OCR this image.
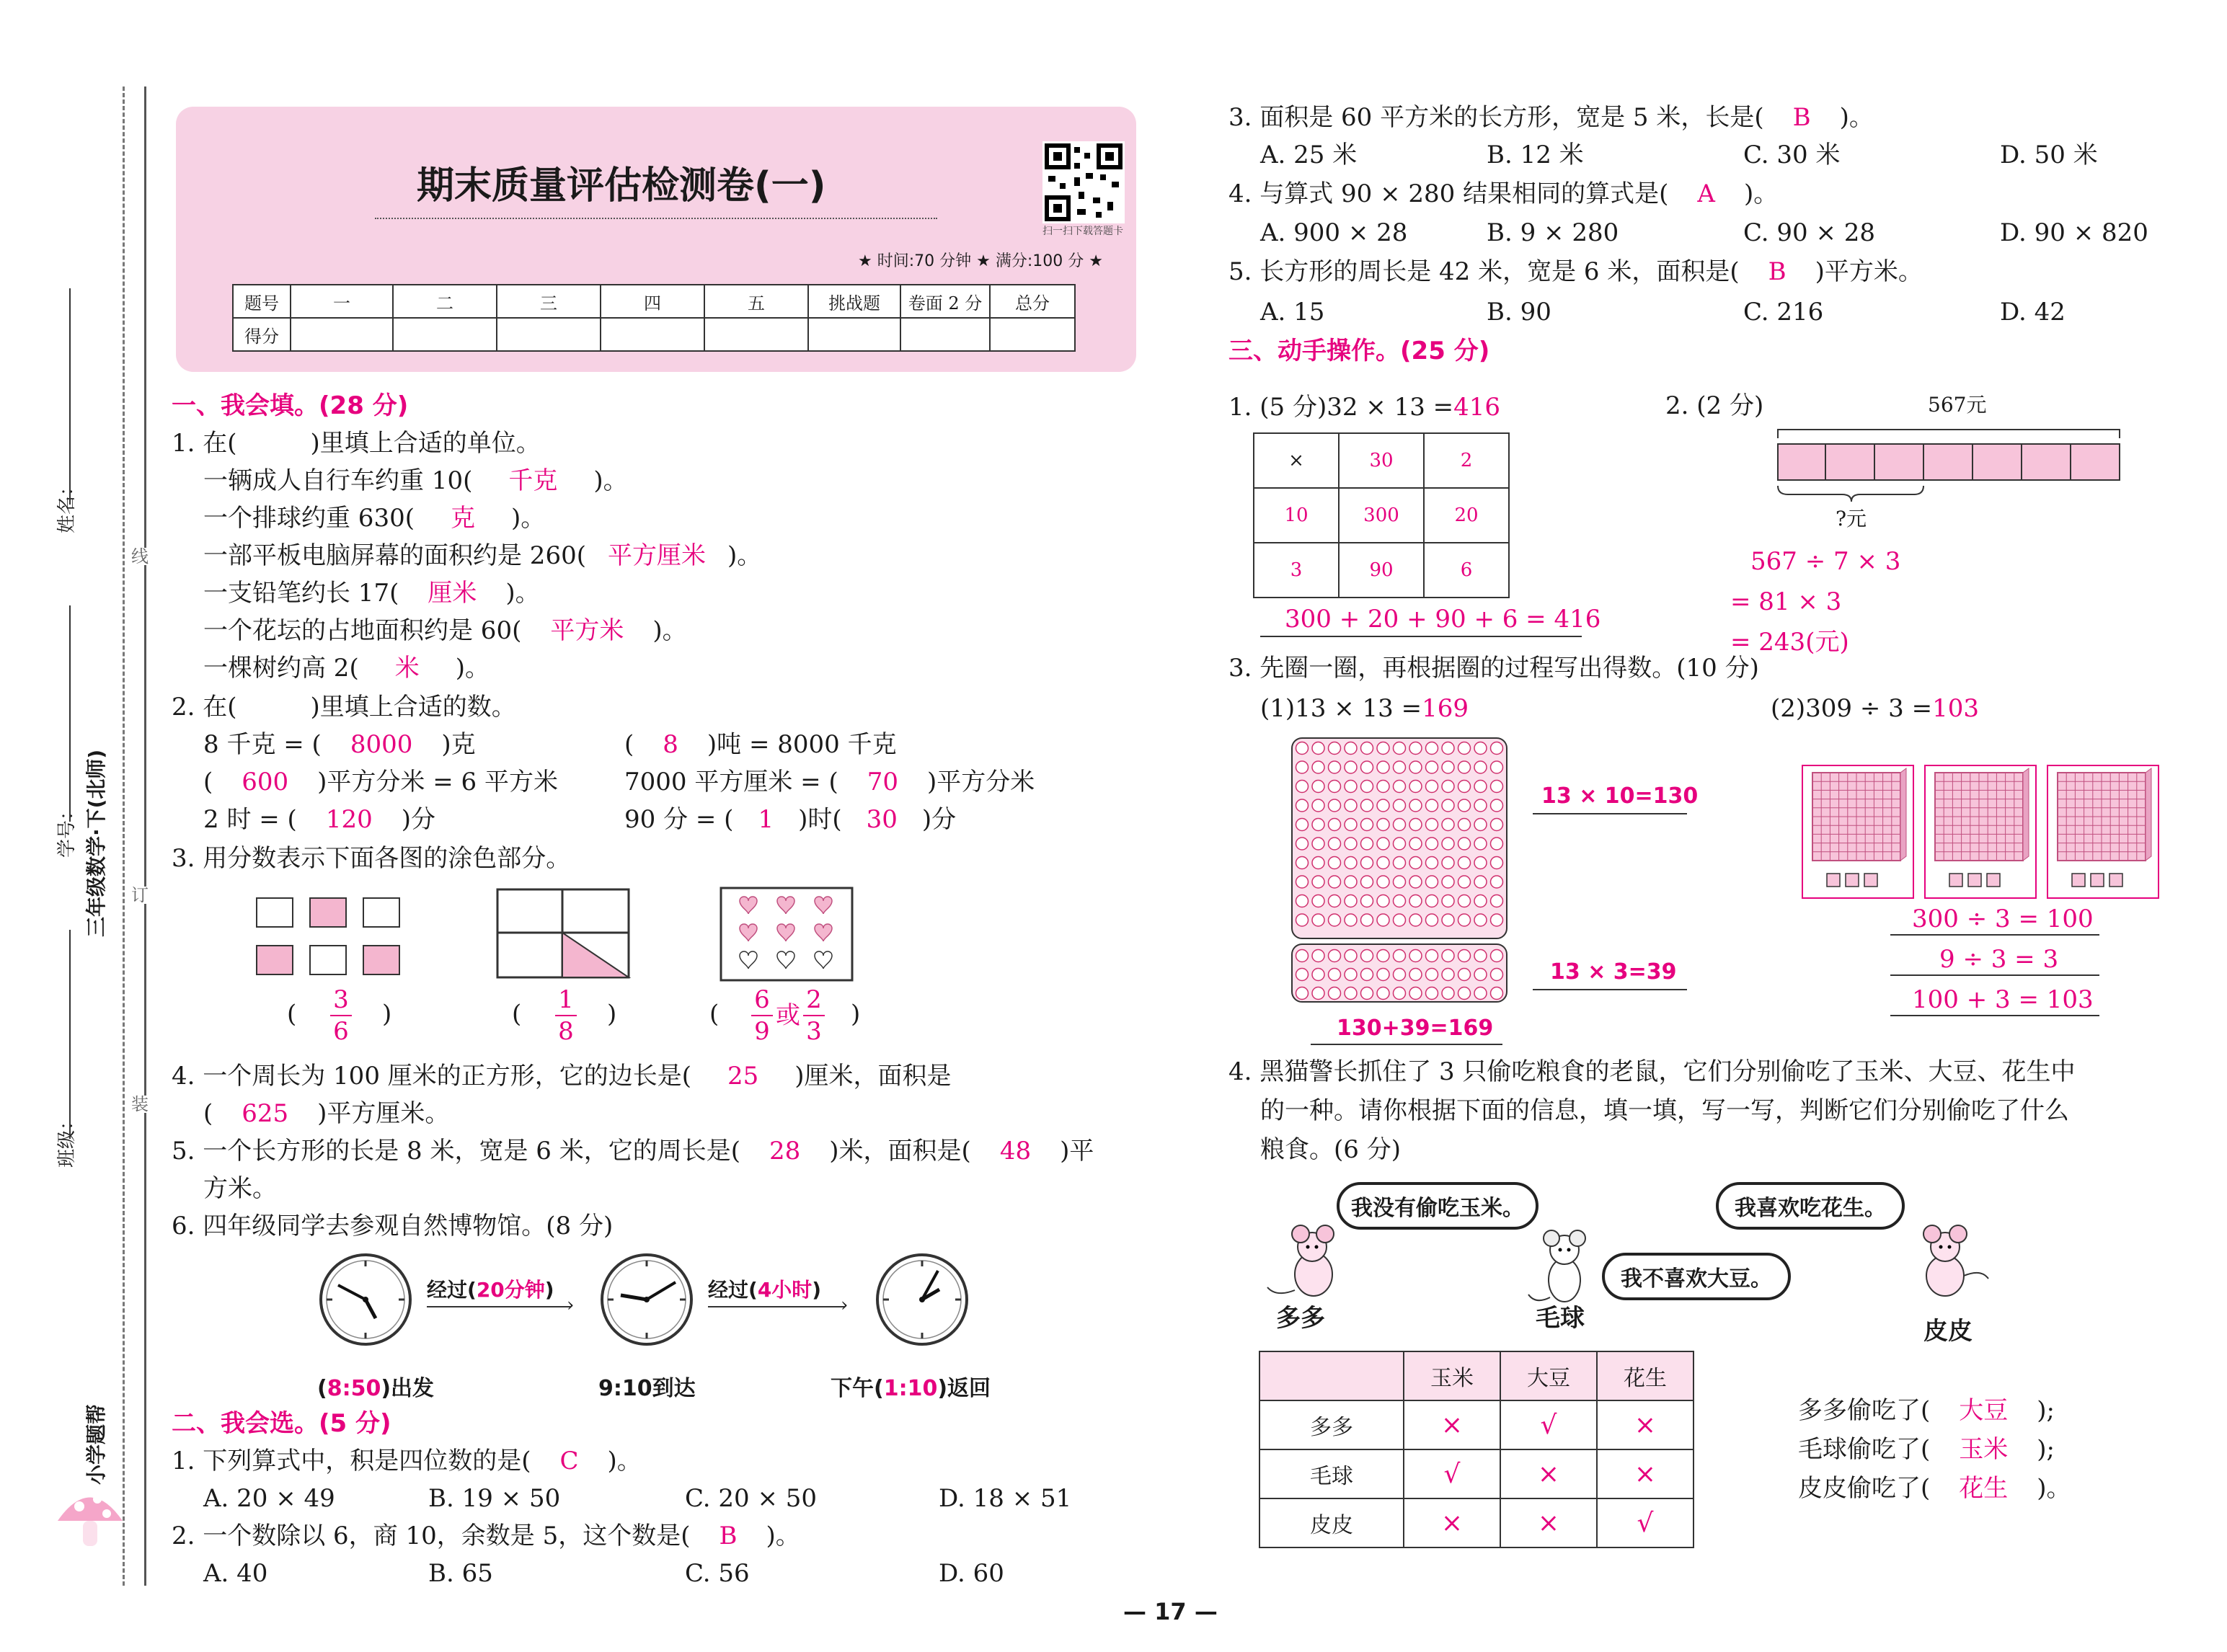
线
订
装
姓名：
学号：
班级：
三年级数学·下(北师)
小学题帮
期末质量评估检测卷(一)
扫一扫下载答题卡
★ 时间:70 分钟 ★ 满分:100 分 ★
题号	一	二	三	四	五	挑战题	卷面 2 分	总分
得分								
一、我会填。(28 分)
1. 在(　　　)里填上合适的单位。
一辆成人自行车约重 10( 千克 )。
一个排球约重 630( 克 )。
一部平板电脑屏幕的面积约是 260( 平方厘米 )。
一支铅笔约长 17( 厘米 )。
一个花坛的占地面积约是 60( 平方米 )。
一棵树约高 2( 米 )。
2. 在(　　　)里填上合适的数。
8 千克 = ( 8000 )克	( 8 )吨 = 8000 千克
( 600 )平方分米 = 6 平方米	7000 平方厘米 = ( 70 )平方分米
2 时 = ( 120 )分	90 分 = ( 1 )时( 30 )分
3. 用分数表示下面各图的涂色部分。
( 3
6
)	( 1
8
)	( 6
9
或
2
3
)
4. 一个周长为 100 厘米的正方形，它的边长是( 25 )厘米，面积是
( 625 )平方厘米。
5. 一个长方形的长是 8 米，宽是 6 米，它的周长是( 28 )米，面积是( 48 )平
方米。
6. 四年级同学去参观自然博物馆。(8 分)
经过(20分钟)
›
经过(4小时)
›
(8:50)出发	9:10到达	下午(1:10)返回
二、我会选。(5 分)
1. 下列算式中，积是四位数的是( C )。
A. 20 × 49	B. 19 × 50	C. 20 × 50	D. 18 × 51
2. 一个数除以 6，商 10，余数是 5，这个数是( B )。
A. 40	B. 65	C. 56	D. 60
3. 面积是 60 平方米的长方形，宽是 5 米，长是( B )。
A. 25 米	B. 12 米	C. 30 米	D. 50 米
4. 与算式 90 × 280 结果相同的算式是( A )。
A. 900 × 28	B. 9 × 280	C. 90 × 28	D. 90 × 820
5. 长方形的周长是 42 米，宽是 6 米，面积是( B )平方米。
A. 15	B. 90	C. 216	D. 42
三、动手操作。(25 分)
1. (5 分)32 × 13 =416
×	30	2
10	300	20
3	90	6
300 + 20 + 90 + 6 = 416
2. (2 分)	567元
?元
567 ÷ 7 × 3
= 81 × 3
= 243(元)
3. 先圈一圈，再根据圈的过程写出得数。(10 分)
(1)13 × 13 =169	(2)309 ÷ 3 =103
13 × 10=130
13 × 3=39
130+39=169
300 ÷ 3 = 100
9 ÷ 3 = 3
100 + 3 = 103
4. 黑猫警长抓住了 3 只偷吃粮食的老鼠，它们分别偷吃了玉米、大豆、花生中
的一种。请你根据下面的信息，填一填，写一写，判断它们分别偷吃了什么
粮食。(6 分)
我没有偷吃玉米。
我不喜欢大豆。
我喜欢吃花生。
多多	毛球	皮皮
	玉米	大豆	花生
多多	×	√	×
毛球	√	×	×
皮皮	×	×	√
多多偷吃了( 大豆 );
毛球偷吃了( 玉米 );
皮皮偷吃了( 花生 )。
— 17 —
